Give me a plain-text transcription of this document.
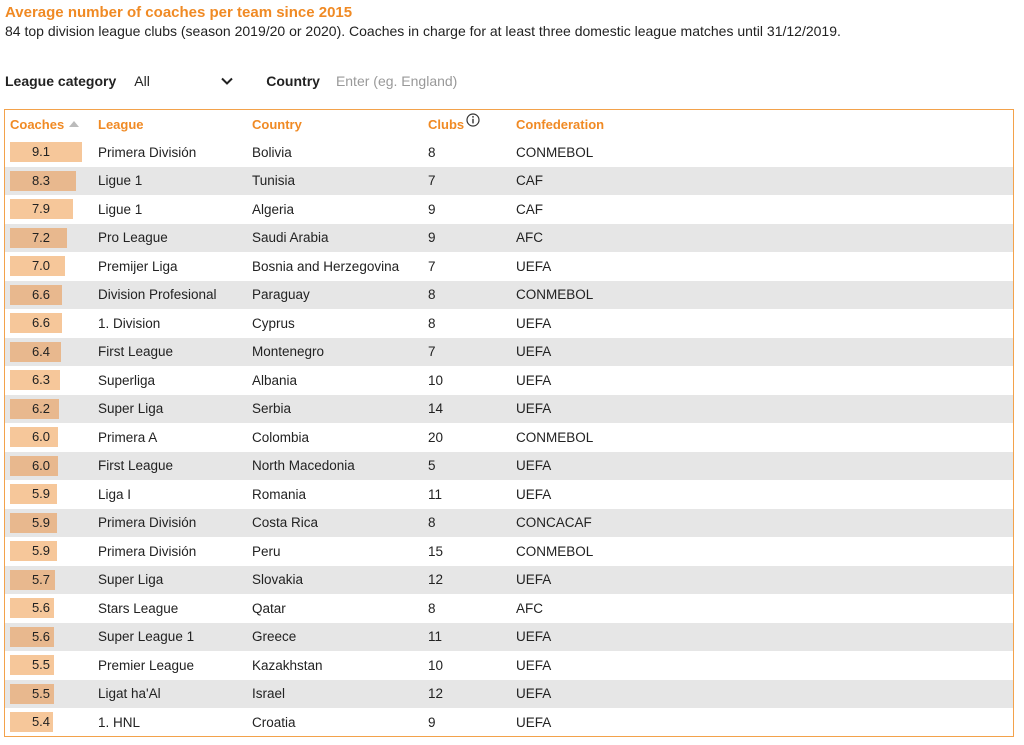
Average number of coaches per team since 2015
84 top division league clubs (season 2019/20 or 2020). Coaches in charge for at least three domestic league matches until 31/12/2019.
League category All	Country
Enter (eg. England)
Coaches	League	Country	Clubs	Confederation

9.1	Primera División	Bolivia	8	CONMEBOL

8.3	Ligue 1	Tunisia	7	CAF

7.9	Ligue 1	Algeria	9	CAF

7.2	Pro League	Saudi Arabia	9	AFC

7.0	Premijer Liga	Bosnia and Herzegovina	7	UEFA

6.6	Division Profesional	Paraguay	8	CONMEBOL

6.6	1. Division	Cyprus	8	UEFA

6.4	First League	Montenegro	7	UEFA

6.3	Superliga	Albania	10	UEFA

6.2	Super Liga	Serbia	14	UEFA

6.0	Primera A	Colombia	20	CONMEBOL

6.0	First League	North Macedonia	5	UEFA

5.9	Liga I	Romania	11	UEFA

5.9	Primera División	Costa Rica	8	CONCACAF

5.9	Primera División	Peru	15	CONMEBOL

5.7	Super Liga	Slovakia	12	UEFA

5.6	Stars League	Qatar	8	AFC

5.6	Super League 1	Greece	11	UEFA

5.5	Premier League	Kazakhstan	10	UEFA

5.5	Ligat ha'Al	Israel	12	UEFA

5.4	1. HNL	Croatia	9	UEFA
